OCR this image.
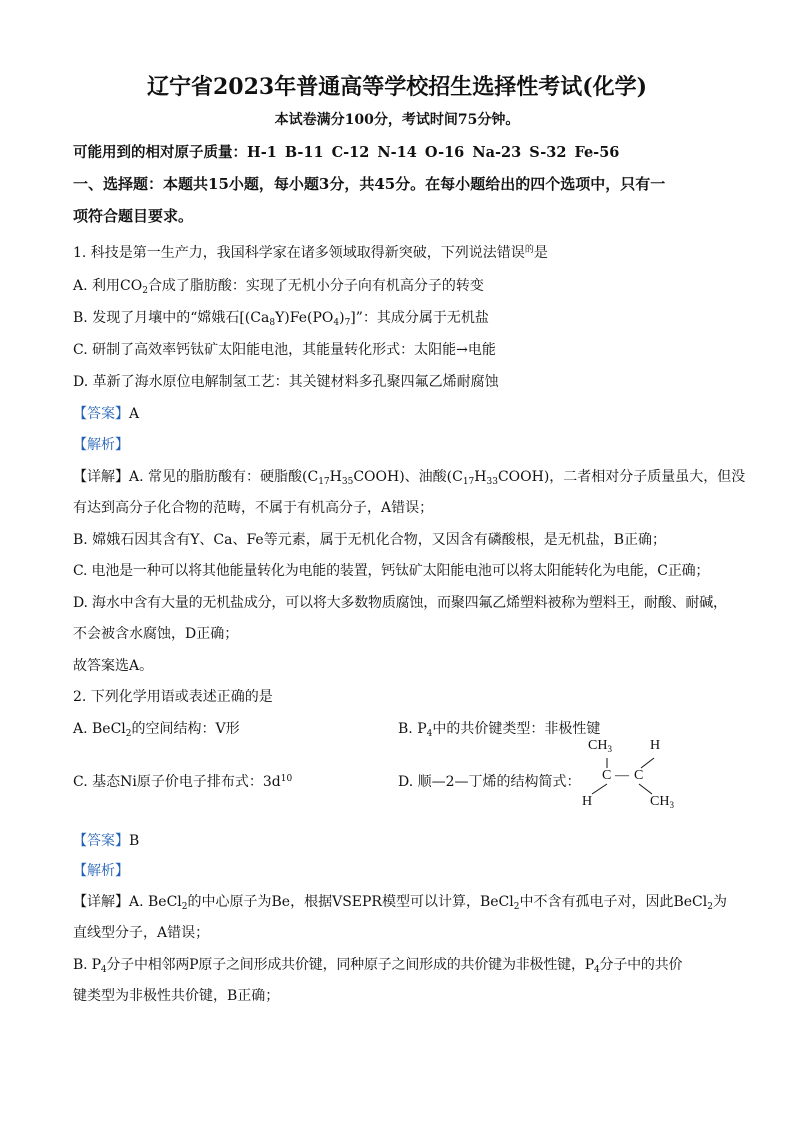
辽宁省2023年普通高等学校招生选择性考试(化学)
本试卷满分100分，考试时间75分钟。
可能用到的相对原子质量：H-1 B-11 C-12 N-14 O-16 Na-23 S-32 Fe-56
一、选择题：本题共15小题，每小题3分，共45分。在每小题给出的四个选项中，只有一
项符合题目要求。
1. 科技是第一生产力，我国科学家在诸多领域取得新突破，下列说法错误$^的$是
A. 利用$CO_2$合成了脂肪酸：实现了无机小分子向有机高分子的转变
B. 发现了月壤中的“嫦娥石$[(Ca_8Y)Fe(PO_4)_7]$”：其成分属于无机盐
C. 研制了高效率钙钛矿太阳能电池，其能量转化形式：太阳能→电能
D. 革新了海水原位电解制氢工艺：其关键材料多孔聚四氟乙烯耐腐蚀
【答案】A
【解析】
【详解】A. 常见的脂肪酸有：硬脂酸$(C_{17}H_{35}COOH)$、油酸$(C_{17}H_{33}COOH)$，二者相对分子质量虽大，但没
有达到高分子化合物的范畴，不属于有机高分子，A错误；
B. 嫦娥石因其含有Y、Ca、Fe等元素，属于无机化合物，又因含有磷酸根，是无机盐，B正确；
C. 电池是一种可以将其他能量转化为电能的装置，钙钛矿太阳能电池可以将太阳能转化为电能，C正确；
D. 海水中含有大量的无机盐成分，可以将大多数物质腐蚀，而聚四氟乙烯塑料被称为塑料王，耐酸、耐碱，
不会被含水腐蚀，D正确；
故答案选A。
2. 下列化学用语或表述正确的是
A. BeCl$_2$的空间结构：V形	B. $P_4$中的共价键类型：非极性键
C. 基态Ni原子价电子排布式：$3d^{10}$	D. 顺—2—丁烯的结构简式：
$CH_3$	H
C — C
H	$CH_3$
【答案】B
【解析】
【详解】A. BeCl$_2$的中心原子为Be，根据VSEPR模型可以计算，BeCl$_2$中不含有孤电子对，因此BeCl$_2$为
直线型分子，A错误；
B. $P_4$分子中相邻两P原子之间形成共价键，同种原子之间形成的共价键为非极性键，$P_4$分子中的共价
键类型为非极性共价键，B正确；
